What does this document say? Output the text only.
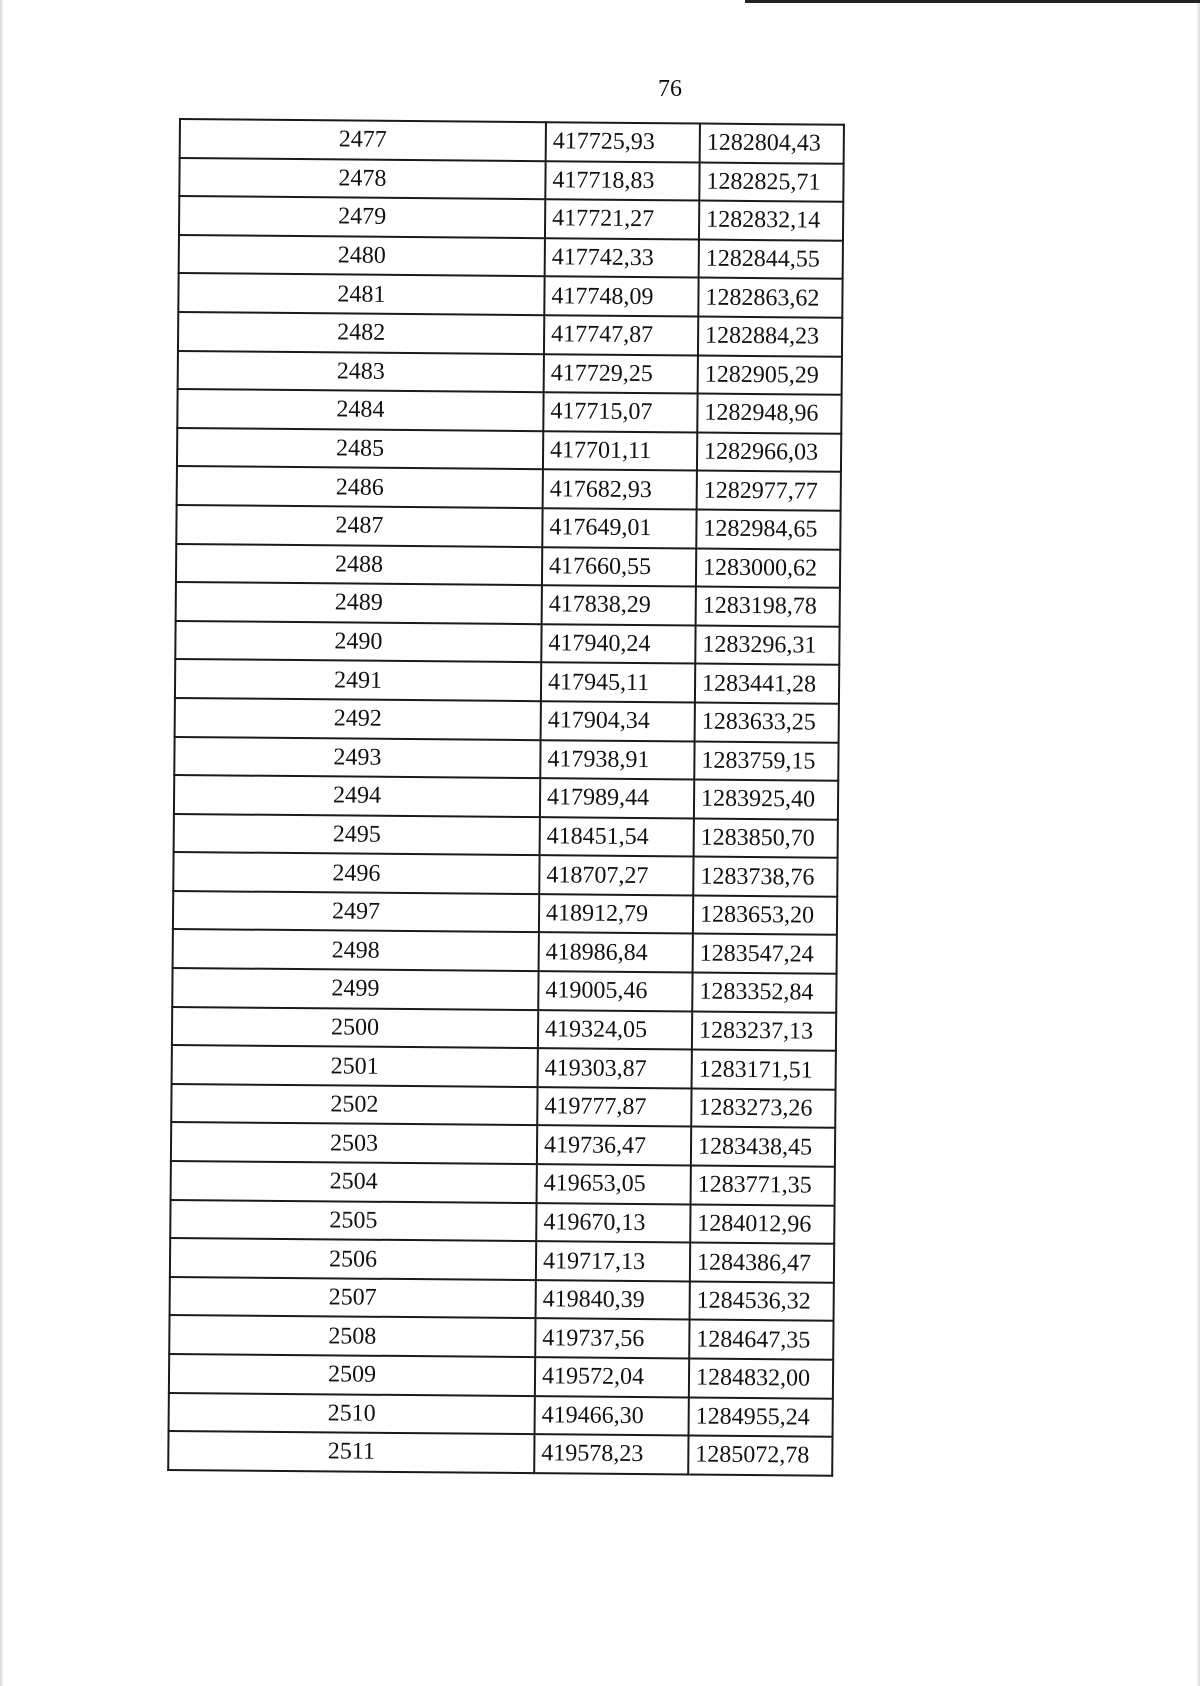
76
2477	417725,93	1282804,43
2478	417718,83	1282825,71
2479	417721,27	1282832,14
2480	417742,33	1282844,55
2481	417748,09	1282863,62
2482	417747,87	1282884,23
2483	417729,25	1282905,29
2484	417715,07	1282948,96
2485	417701,11	1282966,03
2486	417682,93	1282977,77
2487	417649,01	1282984,65
2488	417660,55	1283000,62
2489	417838,29	1283198,78
2490	417940,24	1283296,31
2491	417945,11	1283441,28
2492	417904,34	1283633,25
2493	417938,91	1283759,15
2494	417989,44	1283925,40
2495	418451,54	1283850,70
2496	418707,27	1283738,76
2497	418912,79	1283653,20
2498	418986,84	1283547,24
2499	419005,46	1283352,84
2500	419324,05	1283237,13
2501	419303,87	1283171,51
2502	419777,87	1283273,26
2503	419736,47	1283438,45
2504	419653,05	1283771,35
2505	419670,13	1284012,96
2506	419717,13	1284386,47
2507	419840,39	1284536,32
2508	419737,56	1284647,35
2509	419572,04	1284832,00
2510	419466,30	1284955,24
2511	419578,23	1285072,78
